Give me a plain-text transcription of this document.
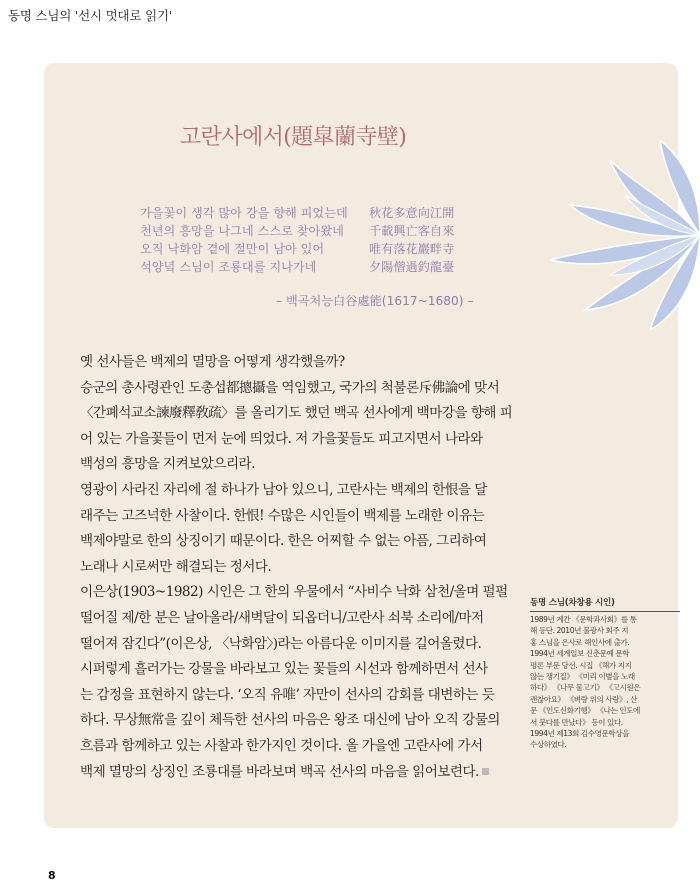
동명 스님의 '선시 멋대로 읽기'
고란사에서(題皐蘭寺壁)
가을꽃이 생각 많아 강을 향해 피었는데 秋花多意向江開
천년의 흥망을 나그네 스스로 찾아왔네 千載興亡客自來
오직 낙화암 곁에 절만이 남아 있어	唯有落花巖畔寺
석양녘 스님이 조룡대를 지나가네	夕陽僧過釣龍臺
– 백곡처능白谷處能(1617~1680) –

옛 선사들은 백제의 멸망을 어떻게 생각했을까?

승군의 총사령관인 도총섭都摠攝을 역임했고, 국가의 척불론斥佛論에 맞서

〈간폐석교소諫廢釋敎疏〉를 올리기도 했던 백곡 선사에게 백마강을 향해 피

어 있는 가을꽃들이 먼저 눈에 띄었다. 저 가을꽃들도 피고지면서 나라와

백성의 흥망을 지켜보았으리라.

영광이 사라진 자리에 절 하나가 남아 있으니, 고란사는 백제의 한恨을 달

래주는 고즈넉한 사찰이다. 한恨! 수많은 시인들이 백제를 노래한 이유는

백제야말로 한의 상징이기 때문이다. 한은 어찌할 수 없는 아픔, 그리하여

노래나 시로써만 해결되는 정서다.

이은상(1903~1982) 시인은 그 한의 우물에서 “사비수 낙화 삼천/올며 펄펄

떨어질 제/한 분은 날아올라/새벽달이 되옵더니/고란사 쇠북 소리에/마저

떨어져 잠긴다”(이은상, 〈낙화암〉)라는 아름다운 이미지를 길어올렸다.

시퍼렇게 흘러가는 강물을 바라보고 있는 꽃들의 시선과 함께하면서 선사

는 감정을 표현하지 않는다. ‘오직 유唯’ 자만이 선사의 감회를 대변하는 듯

하다. 무상無常을 깊이 체득한 선사의 마음은 왕조 대신에 남아 오직 강물의

흐름과 함께하고 있는 사찰과 한가지인 것이다. 올 가을엔 고란사에 가서

백제 멸망의 상징인 조룡대를 바라보며 백곡 선사의 마음을 읽어보련다.

동명 스님(차창용 시인)
1989년 계간 《문학과사회》를 통
해 등단. 2010년 불광사 회주 지
홍 스님을 은사로 해인사에 출가.
1994년 세계일보 신춘문예 문학
평론 부문 당선. 시집 《해가 지지
않는 쟁기질》 《미리 이별을 노래
하다》 《나무 물고기》 《고시원은
괜찮아요》 《벼랑 위의 사랑》, 산
문 《인도신화기행》 《나는 인도에
서 붓다를 만났다》 등이 있다.
1994년 제13회 김수영문학상을
수상하였다.
8
